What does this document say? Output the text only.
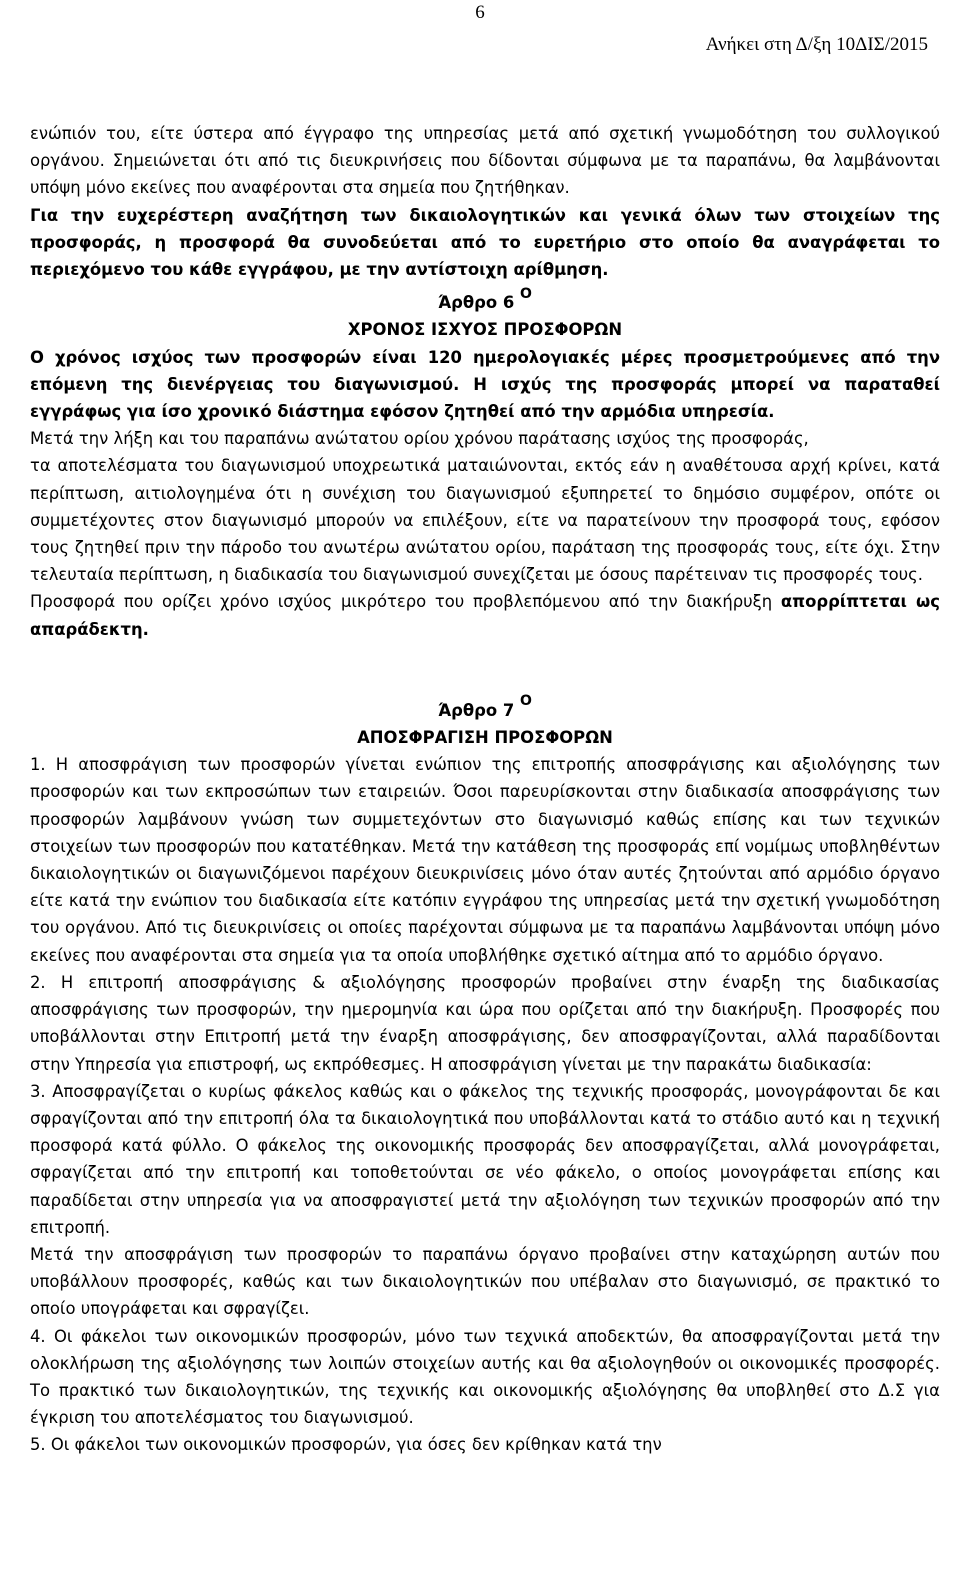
6
Ανήκει στη Δ/ξη 10ΔΙΣ/2015

ενώπιόν του, είτε ύστερα από έγγραφο της υπηρεσίας μετά από σχετική γνωμοδότηση του συλλογικού οργάνου. Σημειώνεται ότι από τις διευκρινήσεις που δίδονται σύμφωνα με τα παραπάνω, θα λαμβάνονται υπόψη μόνο εκείνες που αναφέρονται στα σημεία που ζητήθηκαν.

Για την ευχερέστερη αναζήτηση των δικαιολογητικών και γενικά όλων των στοιχείων της προσφοράς, η προσφορά θα συνοδεύεται από το ευρετήριο στο οποίο θα αναγράφεται το περιεχόμενο του κάθε εγγράφου, με την αντίστοιχη αρίθμηση.

Άρθρο 6 $^O$
ΧΡΟΝΟΣ ΙΣΧΥΟΣ ΠΡΟΣΦΟΡΩΝ

Ο χρόνος ισχύος των προσφορών είναι 120 ημερολογιακές μέρες προσμετρούμενες από την επόμενη της διενέργειας του διαγωνισμού. Η ισχύς της προσφοράς μπορεί να παραταθεί εγγράφως για ίσο χρονικό διάστημα εφόσον ζητηθεί από την αρμόδια υπηρεσία.

Μετά την λήξη και του παραπάνω ανώτατου ορίου χρόνου παράτασης ισχύος της προσφοράς,

τα αποτελέσματα του διαγωνισμού υποχρεωτικά ματαιώνονται, εκτός εάν η αναθέτουσα αρχή κρίνει, κατά περίπτωση, αιτιολογημένα ότι η συνέχιση του διαγωνισμού εξυπηρετεί το δημόσιο συμφέρον, οπότε οι συμμετέχοντες στον διαγωνισμό μπορούν να επιλέξουν, είτε να παρατείνουν την προσφορά τους, εφόσον τους ζητηθεί πριν την πάροδο του ανωτέρω ανώτατου ορίου, παράταση της προσφοράς τους, είτε όχι. Στην τελευταία περίπτωση, η διαδικασία του διαγωνισμού συνεχίζεται με όσους παρέτειναν τις προσφορές τους.

Προσφορά που ορίζει χρόνο ισχύος μικρότερο του προβλεπόμενου από την διακήρυξη απορρίπτεται ως απαράδεκτη.

Άρθρο 7 $^O$
ΑΠΟΣΦΡΑΓΙΣΗ ΠΡΟΣΦΟΡΩΝ

1. Η αποσφράγιση των προσφορών γίνεται ενώπιον της επιτροπής αποσφράγισης και αξιολόγησης των προσφορών και των εκπροσώπων των εταιρειών. Όσοι παρευρίσκονται στην διαδικασία αποσφράγισης των προσφορών λαμβάνουν γνώση των συμμετεχόντων στο διαγωνισμό καθώς επίσης και των τεχνικών στοιχείων των προσφορών που κατατέθηκαν. Μετά την κατάθεση της προσφοράς επί νομίμως υποβληθέντων δικαιολογητικών οι διαγωνιζόμενοι παρέχουν διευκρινίσεις μόνο όταν αυτές ζητούνται από αρμόδιο όργανο είτε κατά την ενώπιον του διαδικασία είτε κατόπιν εγγράφου της υπηρεσίας μετά την σχετική γνωμοδότηση του οργάνου. Από τις διευκρινίσεις οι οποίες παρέχονται σύμφωνα με τα παραπάνω λαμβάνονται υπόψη μόνο εκείνες που αναφέρονται στα σημεία για τα οποία υποβλήθηκε σχετικό αίτημα από το αρμόδιο όργανο.

2. Η επιτροπή αποσφράγισης & αξιολόγησης προσφορών προβαίνει στην έναρξη της διαδικασίας αποσφράγισης των προσφορών, την ημερομηνία και ώρα που ορίζεται από την διακήρυξη. Προσφορές που υποβάλλονται στην Επιτροπή μετά την έναρξη αποσφράγισης, δεν αποσφραγίζονται, αλλά παραδίδονται στην Υπηρεσία για επιστροφή, ως εκπρόθεσμες. Η αποσφράγιση γίνεται με την παρακάτω διαδικασία:

3. Αποσφραγίζεται ο κυρίως φάκελος καθώς και ο φάκελος της τεχνικής προσφοράς, μονογράφονται δε και σφραγίζονται από την επιτροπή όλα τα δικαιολογητικά που υποβάλλονται κατά το στάδιο αυτό και η τεχνική προσφορά κατά φύλλο. Ο φάκελος της οικονομικής προσφοράς δεν αποσφραγίζεται, αλλά μονογράφεται, σφραγίζεται από την επιτροπή και τοποθετούνται σε νέο φάκελο, ο οποίος μονογράφεται επίσης και παραδίδεται στην υπηρεσία για να αποσφραγιστεί μετά την αξιολόγηση των τεχνικών προσφορών από την επιτροπή.

Μετά την αποσφράγιση των προσφορών το παραπάνω όργανο προβαίνει στην καταχώρηση αυτών που υποβάλλουν προσφορές, καθώς και των δικαιολογητικών που υπέβαλαν στο διαγωνισμό, σε πρακτικό το οποίο υπογράφεται και σφραγίζει.

4. Οι φάκελοι των οικονομικών προσφορών, μόνο των τεχνικά αποδεκτών, θα αποσφραγίζονται μετά την ολοκλήρωση της αξιολόγησης των λοιπών στοιχείων αυτής και θα αξιολογηθούν οι οικονομικές προσφορές. Το πρακτικό των δικαιολογητικών, της τεχνικής και οικονομικής αξιολόγησης θα υποβληθεί στο Δ.Σ για έγκριση του αποτελέσματος του διαγωνισμού.

5. Οι φάκελοι των οικονομικών προσφορών, για όσες δεν κρίθηκαν κατά την
